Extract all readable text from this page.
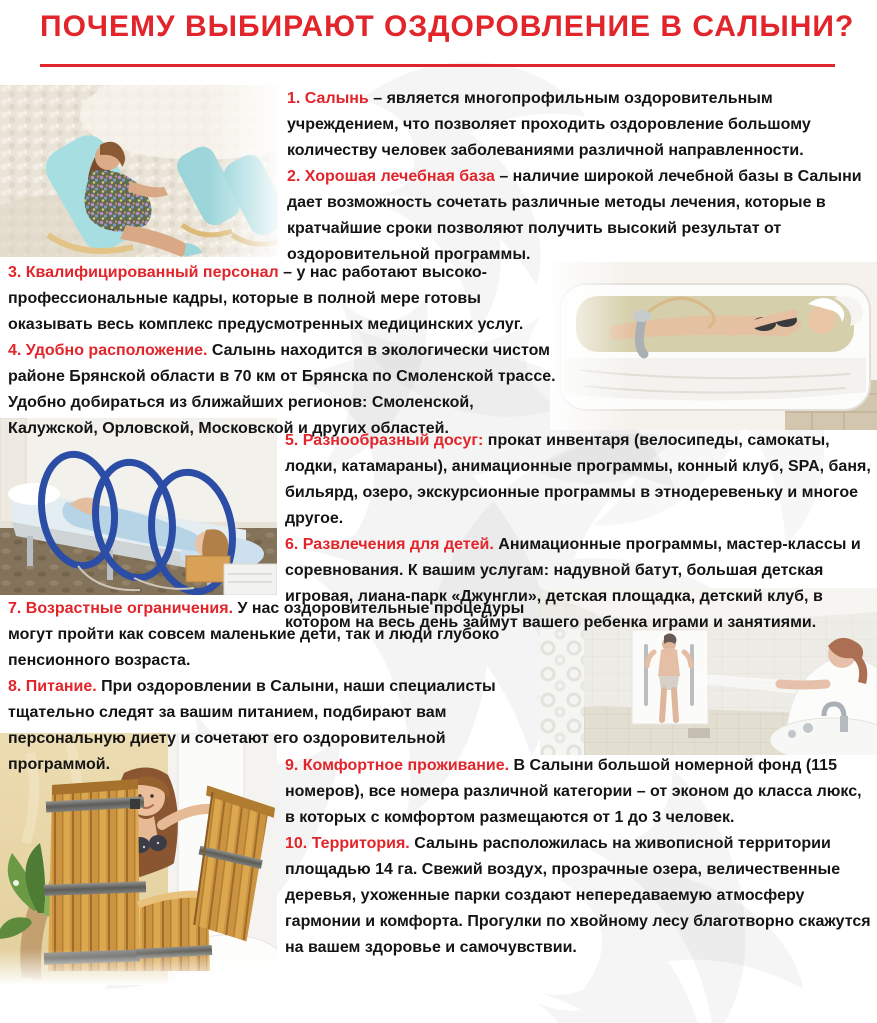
ПОЧЕМУ ВЫБИРАЮТ ОЗДОРОВЛЕНИЕ В САЛЫНИ?

1. Салынь – является многопрофильным оздоровительным учреждением, что позволяет проходить оздоровление большому количеству человек заболеваниями различной направленности.

2. Хорошая лечебная база – наличие широкой лечебной базы в Салыни дает возможность сочетать различные методы лечения, которые в кратчайшие сроки позволяют получить высокий результат от оздоровительной программы.

3. Квалифицированный персонал – у нас работают высоко-профессиональные кадры, которые в полной мере готовы оказывать весь комплекс предусмотренных медицинских услуг.

4. Удобно расположение. Салынь находится в экологически чистом районе Брянской области в 70 км от Брянска по Смоленской трассе. Удобно добираться из ближайших регионов: Смоленской, Калужской, Орловской, Московской и других областей.

5. Разнообразный досуг: прокат инвентаря (велосипеды, самокаты, лодки, катамараны), анимационные программы, конный клуб, SPA, баня, бильярд, озеро, экскурсионные программы в этнодеревеньку и многое другое.

6. Развлечения для детей. Анимационные программы, мастер-классы и соревнования. К вашим услугам: надувной батут, большая детская игровая, лиана-парк «Джунгли», детская площадка, детский клуб, в котором на весь день займут вашего ребенка играми и занятиями.

7. Возрастные ограничения. У нас оздоровительные процедуры могут пройти как совсем маленькие дети, так и люди глубоко пенсионного возраста.

8. Питание. При оздоровлении в Салыни, наши специалисты тщательно следят за вашим питанием, подбирают вам персональную диету и сочетают его оздоровительной программой.	9. Комфортное проживание. В Салыни большой номерной фонд (115 номеров), все номера различной категории – от эконом до класса люкс, в которых с комфортом размещаются от 1 до 3 человек.

10. Территория. Салынь расположилась на живописной территории площадью 14 га. Свежий воздух, прозрачные озера, величественные деревья, ухоженные парки создают непередаваемую атмосферу гармонии и комфорта. Прогулки по хвойному лесу благотворно скажутся на вашем здоровье и самочувствии.
